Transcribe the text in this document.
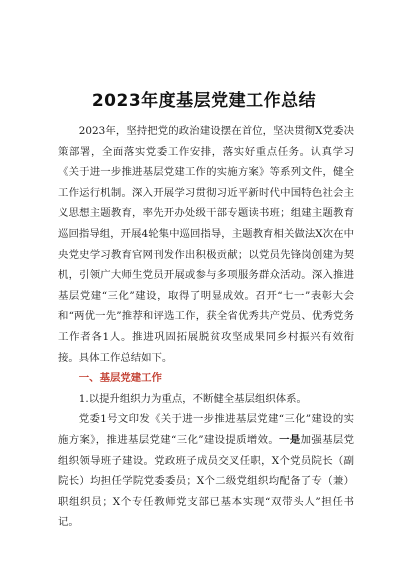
2023年度基层党建工作总结

2023年，坚持把党的政治建设摆在首位，坚决贯彻X党委决策部署，全面落实党委工作安排，落实好重点任务。认真学习《关于进一步推进基层党建工作的实施方案》等系列文件，健全工作运行机制。深入开展学习贯彻习近平新时代中国特色社会主义思想主题教育，率先开办处级干部专题读书班；组建主题教育巡回指导组，开展4轮集中巡回指导，主题教育相关做法X次在中央党史学习教育官网刊发作出积极贡献；以党员先锋岗创建为契机，引领广大师生党员开展或参与多项服务群众活动。深入推进基层党建“三化”建设，取得了明显成效。召开“七一”表彰大会和“两优一先”推荐和评选工作，获全省优秀共产党员、优秀党务工作者各1人。推进巩固拓展脱贫攻坚成果同乡村振兴有效衔接。具体工作总结如下。

一、基层党建工作

1.以提升组织力为重点，不断健全基层组织体系。

党委1号文印发《关于进一步推进基层党建“三化”建设的实施方案》，推进基层党建“三化”建设提质增效。一是加强基层党组织领导班子建设。党政班子成员交叉任职，X个党员院长（副院长）均担任学院党委委员；X个二级党组织均配备了专（兼）职组织员；X个专任教师党支部已基本实现“双带头人”担任书记。
